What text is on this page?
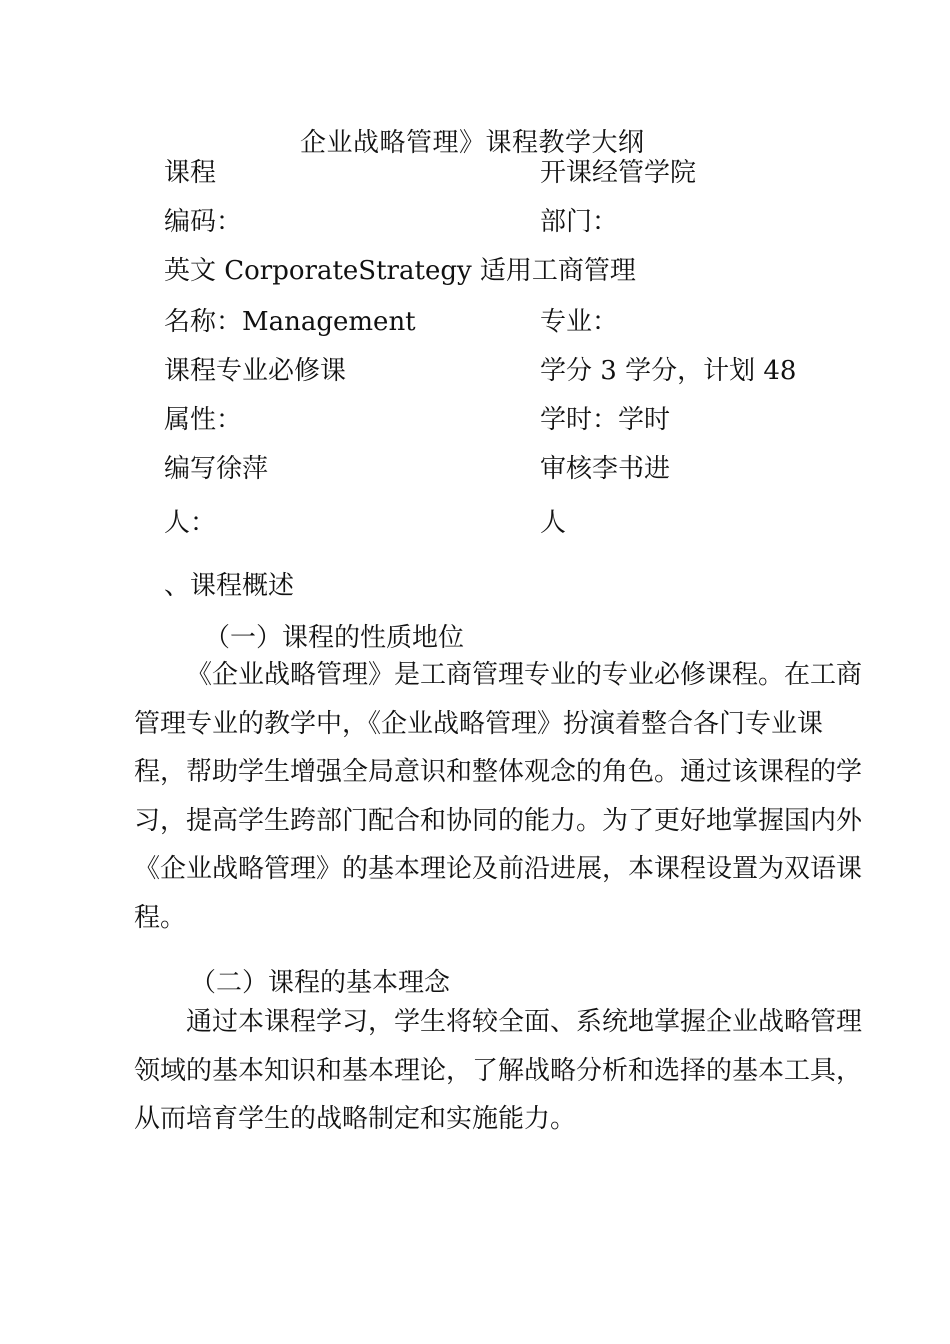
企业战略管理》课程教学大纲
课程	开课经管学院
编码：	部门：
英文 CorporateStrategy 适用工商管理
名称：Management	专业：
课程专业必修课	学分 3 学分，计划 48
属性：	学时：学时
编写徐萍	审核李书进
人：	人
、课程概述
（一）课程的性质地位
《企业战略管理》是工商管理专业的专业必修课程。在工商管理专业的教学中，《企业战略管理》扮演着整合各门专业课程，帮助学生增强全局意识和整体观念的角色。通过该课程的学习，提高学生跨部门配合和协同的能力。为了更好地掌握国内外《企业战略管理》的基本理论及前沿进展，本课程设置为双语课程。
（二）课程的基本理念
通过本课程学习，学生将较全面、系统地掌握企业战略管理领域的基本知识和基本理论，了解战略分析和选择的基本工具，从而培育学生的战略制定和实施能力。
